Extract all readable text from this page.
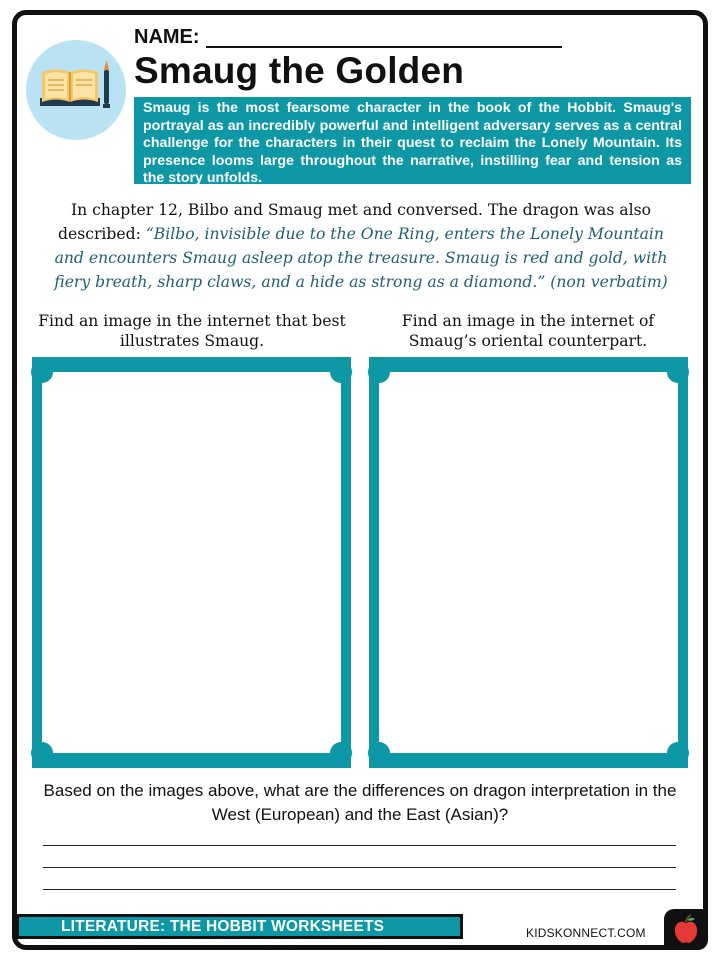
NAME:
Smaug the Golden
Smaug is the most fearsome character in the book of the Hobbit. Smaug's portrayal as an incredibly powerful and intelligent adversary serves as a central challenge for the characters in their quest to reclaim the Lonely Mountain. Its presence looms large throughout the narrative, instilling fear and tension as the story unfolds.

In chapter 12, Bilbo and Smaug met and conversed. The dragon was also described: “Bilbo, invisible due to the One Ring, enters the Lonely Mountain and encounters Smaug asleep atop the treasure. Smaug is red and gold, with fiery breath, sharp claws, and a hide as strong as a diamond.” (non verbatim)

Find an image in the internet that best illustrates Smaug.

Find an image in the internet of Smaug’s oriental counterpart.

Based on the images above, what are the differences on dragon interpretation in the West (European) and the East (Asian)?

LITERATURE: THE HOBBIT WORKSHEETS	KIDSKONNECT.COM
